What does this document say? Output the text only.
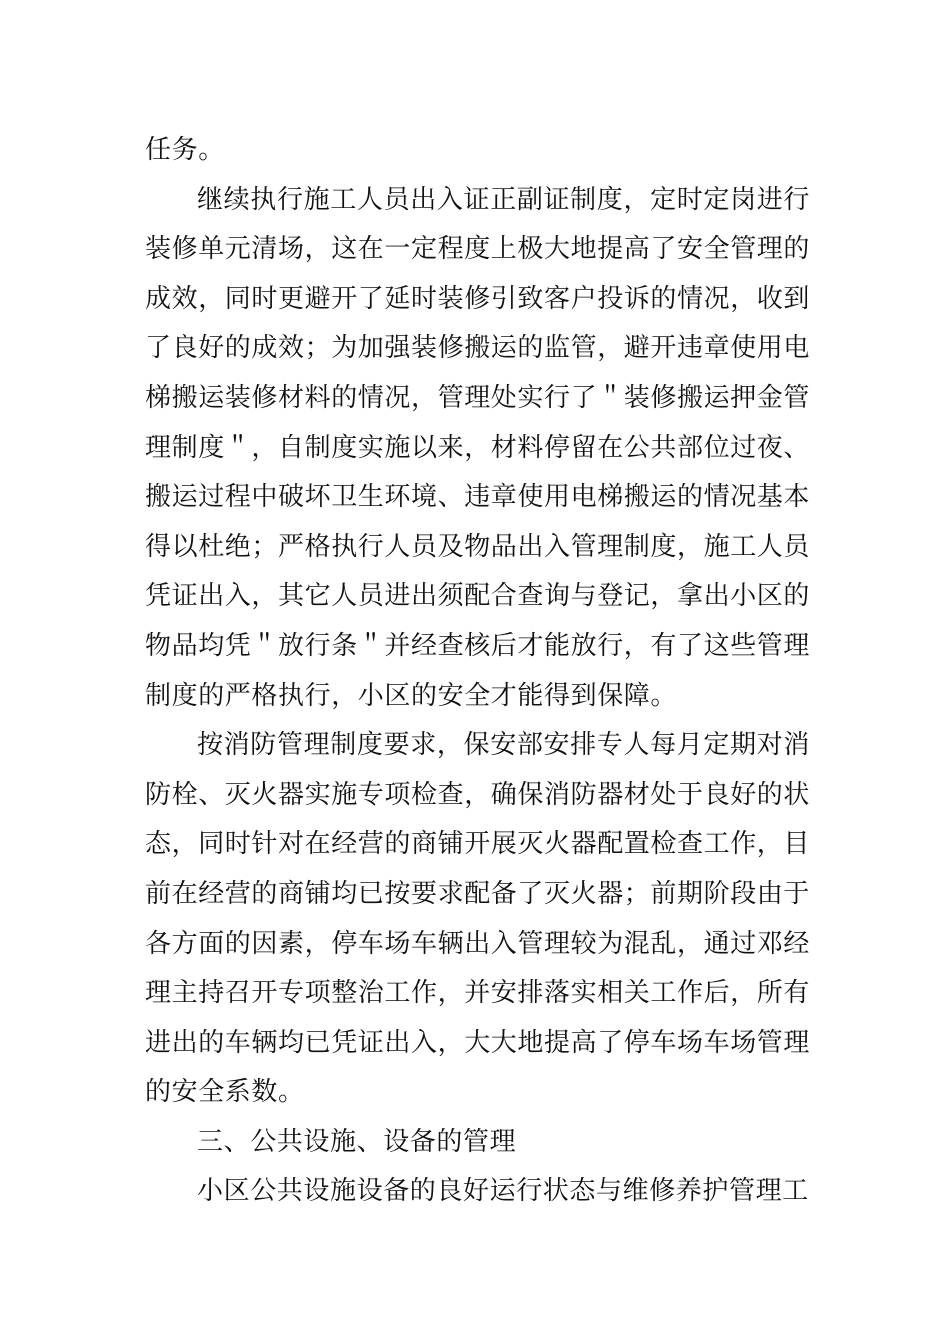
任务。

继续执行施工人员出入证正副证制度，定时定岗进行装修单元清场，这在一定程度上极大地提高了安全管理的成效，同时更避开了延时装修引致客户投诉的情况，收到了良好的成效；为加强装修搬运的监管，避开违章使用电梯搬运装修材料的情况，管理处实行了＂装修搬运押金管理制度＂，自制度实施以来，材料停留在公共部位过夜、搬运过程中破坏卫生环境、违章使用电梯搬运的情况基本得以杜绝；严格执行人员及物品出入管理制度，施工人员凭证出入，其它人员进出须配合查询与登记，拿出小区的物品均凭＂放行条＂并经查核后才能放行，有了这些管理制度的严格执行，小区的安全才能得到保障。

按消防管理制度要求，保安部安排专人每月定期对消防栓、灭火器实施专项检查，确保消防器材处于良好的状态，同时针对在经营的商铺开展灭火器配置检查工作，目前在经营的商铺均已按要求配备了灭火器；前期阶段由于各方面的因素，停车场车辆出入管理较为混乱，通过邓经理主持召开专项整治工作，并安排落实相关工作后，所有进出的车辆均已凭证出入，大大地提高了停车场车场管理的安全系数。

三、公共设施、设备的管理

小区公共设施设备的良好运行状态与维修养护管理工
